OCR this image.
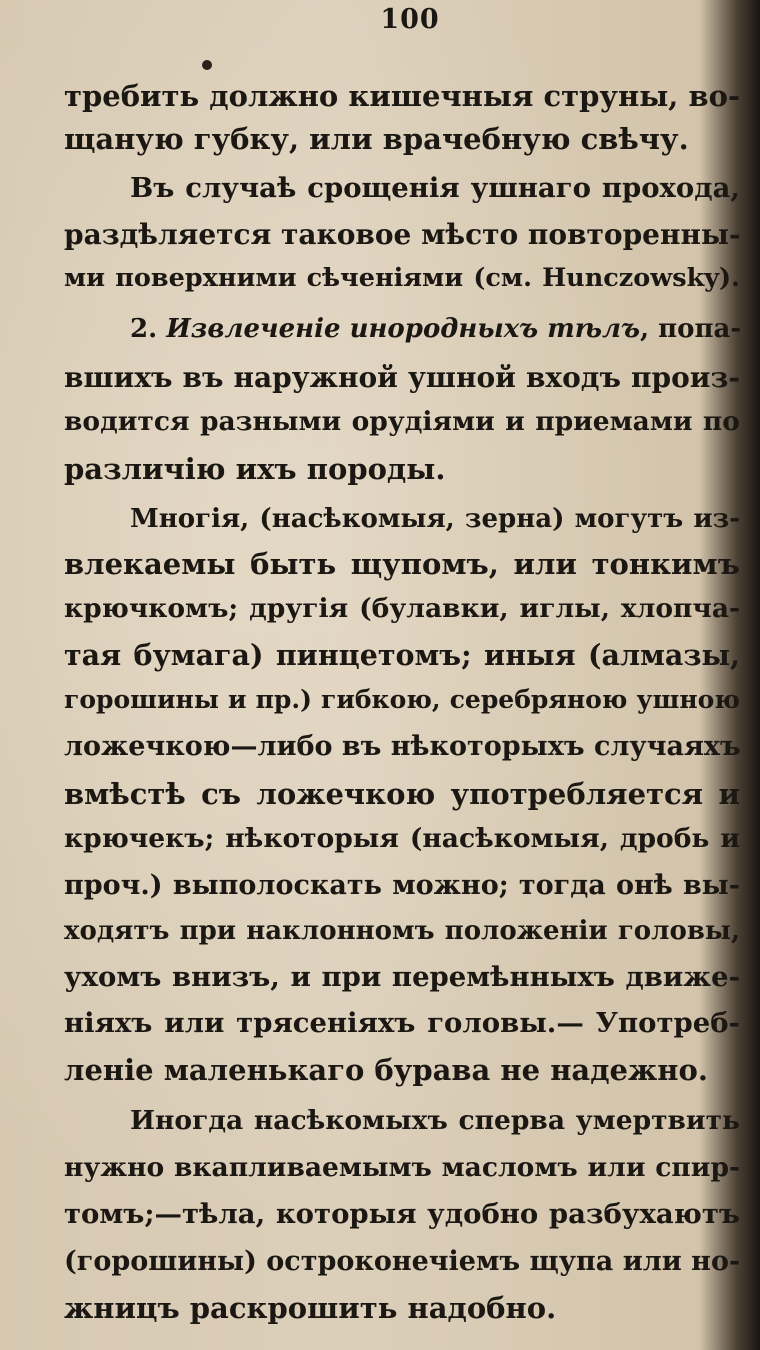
100
требить должно кишечныя струны, во-
щаную губку, или врачебную свѣчу.
Въ случаѣ срощенія ушнаго прохода,
раздѣляется таковое мѣсто повторенны-
ми поверхними сѣченіями (см. Hunczowsky).
2. Извлеченіе инородныхъ тѣлъ, попа-
вшихъ въ наружной ушной входъ произ-
водится разными орудіями и приемами по
различію ихъ породы.
Многія, (насѣкомыя, зерна) могутъ из-
влекаемы быть щупомъ, или тонкимъ
крючкомъ; другія (булавки, иглы, хлопча-
тая бумага) пинцетомъ; иныя (алмазы,
горошины и пр.) гибкою, серебряною ушною
ложечкою—либо въ нѣкоторыхъ случаяхъ
вмѣстѣ съ ложечкою употребляется и
крючекъ; нѣкоторыя (насѣкомыя, дробь и
проч.) выполоскать можно; тогда онѣ вы-
ходятъ при наклонномъ положеніи головы,
ухомъ внизъ, и при перемѣнныхъ движе-
ніяхъ или трясеніяхъ головы.— Употреб-
леніе маленькаго бурава не надежно.
Иногда насѣкомыхъ сперва умертвить
нужно вкапливаемымъ масломъ или спир-
томъ;—тѣла, которыя удобно разбухаютъ
(горошины) остроконечіемъ щупа или но-
жницъ раскрошить надобно.
